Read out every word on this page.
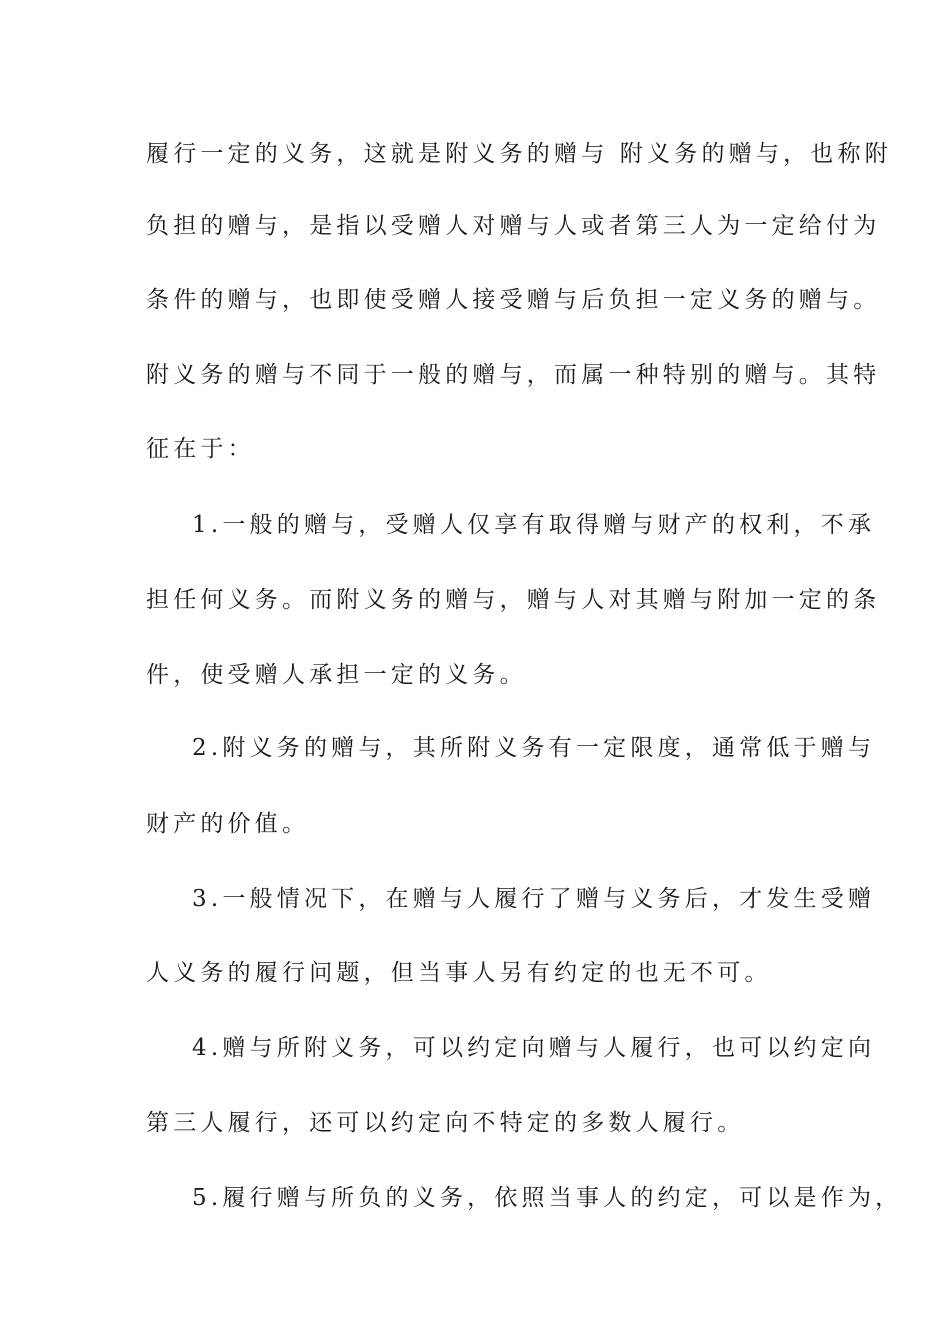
履行一定的义务，这就是附义务的赠与 附义务的赠与，也称附
负担的赠与，是指以受赠人对赠与人或者第三人为一定给付为
条件的赠与，也即使受赠人接受赠与后负担一定义务的赠与。
附义务的赠与不同于一般的赠与，而属一种特别的赠与。其特
征在于：
1.一般的赠与，受赠人仅享有取得赠与财产的权利，不承
担任何义务。而附义务的赠与，赠与人对其赠与附加一定的条
件，使受赠人承担一定的义务。
2.附义务的赠与，其所附义务有一定限度，通常低于赠与
财产的价值。
3.一般情况下，在赠与人履行了赠与义务后，才发生受赠
人义务的履行问题，但当事人另有约定的也无不可。
4.赠与所附义务，可以约定向赠与人履行，也可以约定向
第三人履行，还可以约定向不特定的多数人履行。
5.履行赠与所负的义务，依照当事人的约定，可以是作为，
